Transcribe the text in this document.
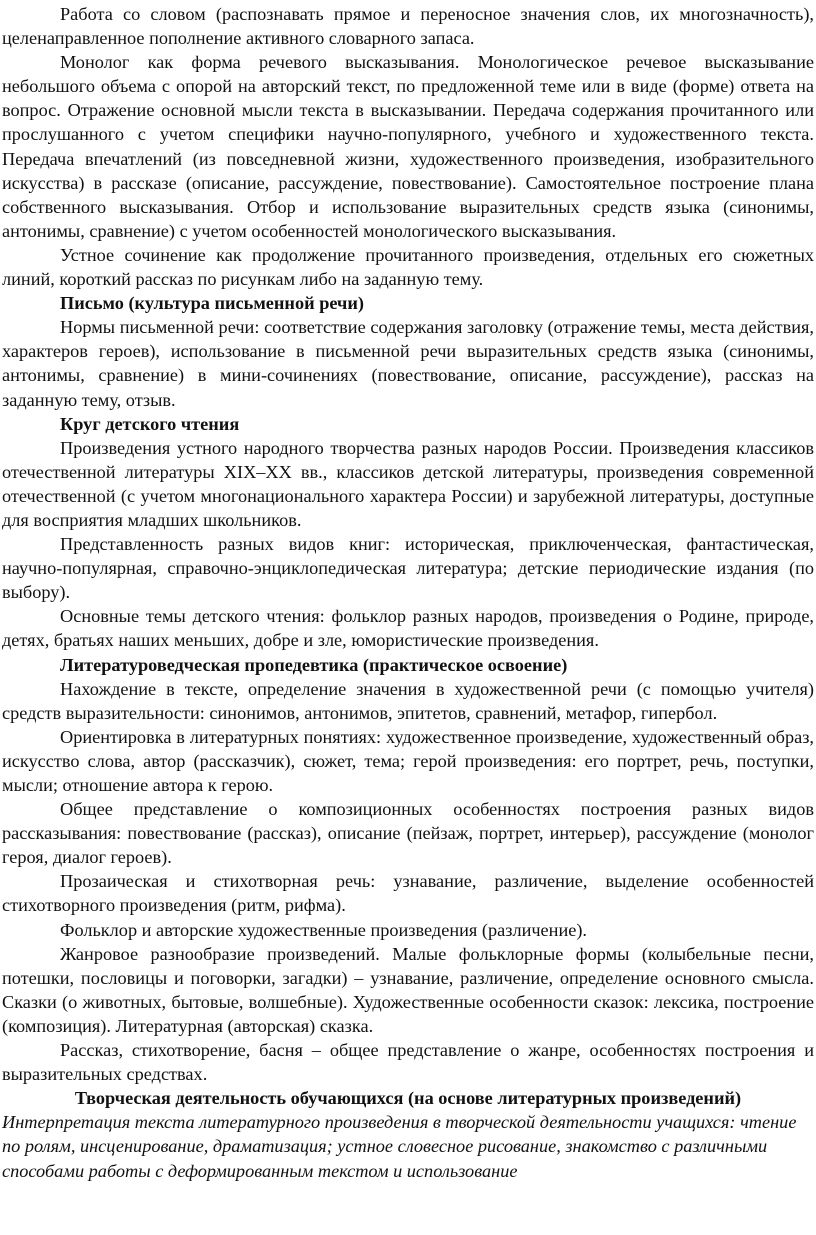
Работа со словом (распознавать прямое и переносное значения слов, их многозначность), целенаправленное пополнение активного словарного запаса.

Монолог как форма речевого высказывания. Монологическое речевое высказывание небольшого объема с опорой на авторский текст, по предложенной теме или в виде (форме) ответа на вопрос. Отражение основной мысли текста в высказывании. Передача содержания прочитанного или прослушанного с учетом специфики научно-популярного, учебного и художественного текста. Передача впечатлений (из повседневной жизни, художественного произведения, изобразительного искусства) в рассказе (описание, рассуждение, повествование). Самостоятельное построение плана собственного высказывания. Отбор и использование выразительных средств языка (синонимы, антонимы, сравнение) с учетом особенностей монологического высказывания.

Устное сочинение как продолжение прочитанного произведения, отдельных его сюжетных линий, короткий рассказ по рисункам либо на заданную тему.

Письмо (культура письменной речи)

Нормы письменной речи: соответствие содержания заголовку (отражение темы, места действия, характеров героев), использование в письменной речи выразительных средств языка (синонимы, антонимы, сравнение) в мини-сочинениях (повествование, описание, рассуждение), рассказ на заданную тему, отзыв.

Круг детского чтения

Произведения устного народного творчества разных народов России. Произведения классиков отечественной литературы XIX–XX вв., классиков детской литературы, произведения современной отечественной (с учетом многонационального характера России) и зарубежной литературы, доступные для восприятия младших школьников.

Представленность разных видов книг: историческая, приключенческая, фантастическая, научно-популярная, справочно-энциклопедическая литература; детские периодические издания (по выбору).

Основные темы детского чтения: фольклор разных народов, произведения о Родине, природе, детях, братьях наших меньших, добре и зле, юмористические произведения.

Литературоведческая пропедевтика (практическое освоение)

Нахождение в тексте, определение значения в художественной речи (с помощью учителя) средств выразительности: синонимов, антонимов, эпитетов, сравнений, метафор, гипербол.

Ориентировка в литературных понятиях: художественное произведение, художественный образ, искусство слова, автор (рассказчик), сюжет, тема; герой произведения: его портрет, речь, поступки, мысли; отношение автора к герою.

Общее представление о композиционных особенностях построения разных видов рассказывания: повествование (рассказ), описание (пейзаж, портрет, интерьер), рассуждение (монолог героя, диалог героев).

Прозаическая и стихотворная речь: узнавание, различение, выделение особенностей стихотворного произведения (ритм, рифма).

Фольклор и авторские художественные произведения (различение).

Жанровое разнообразие произведений. Малые фольклорные формы (колыбельные песни, потешки, пословицы и поговорки, загадки) – узнавание, различение, определение основного смысла. Сказки (о животных, бытовые, волшебные). Художественные особенности сказок: лексика, построение (композиция). Литературная (авторская) сказка.

Рассказ, стихотворение, басня – общее представление о жанре, особенностях построения и выразительных средствах.

Творческая деятельность обучающихся (на основе литературных произведений)

Интерпретация текста литературного произведения в творческой деятельности учащихся: чтение по ролям, инсценирование, драматизация; устное словесное рисование, знакомство с различными способами работы с деформированным текстом и использование
